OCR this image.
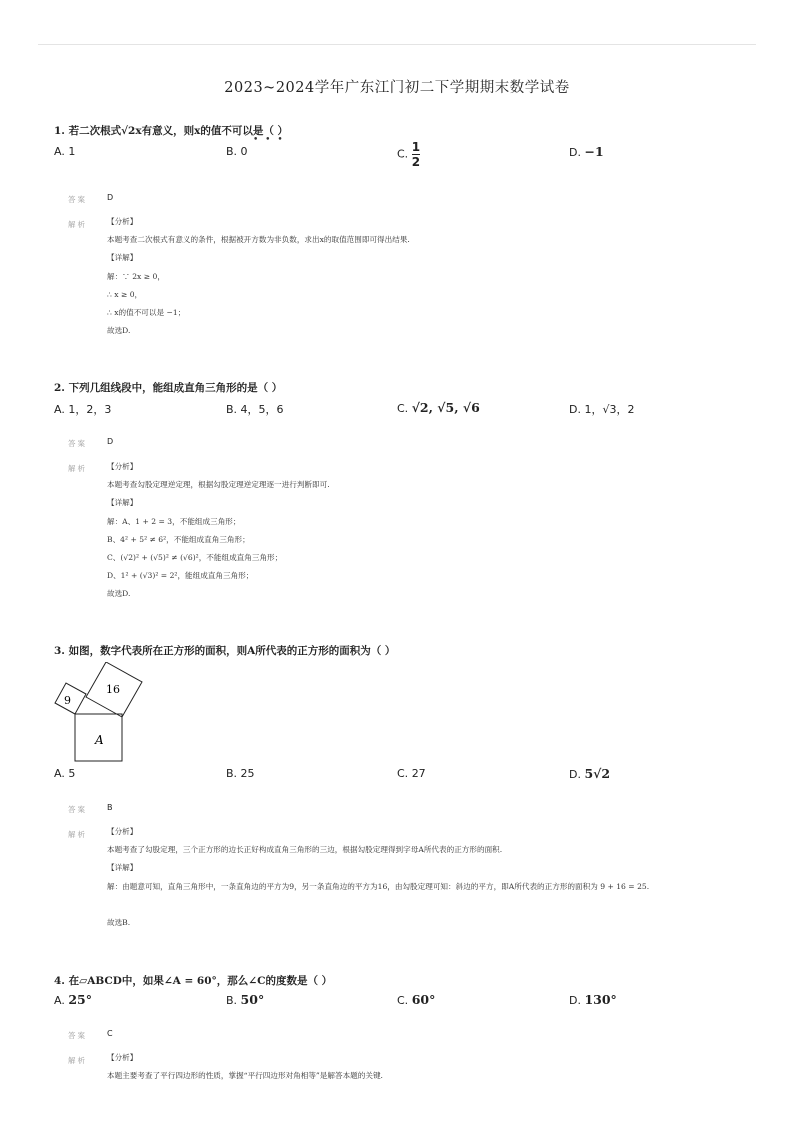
2023~2024学年广东江门初二下学期期末数学试卷
1. 若二次根式√2x有意义，则x的值不可以是（ ）
• • •
A. 1	B. 0	C. $\frac{1}{2}$	D. −1
答案	D
解析	【分析】
本题考查二次根式有意义的条件，根据被开方数为非负数，求出x的取值范围即可得出结果.
【详解】
解：∵ 2x ≥ 0，
∴ x ≥ 0，
∴ x的值不可以是 −1；
故选D.
2. 下列几组线段中，能组成直角三角形的是（ ）
A. 1，2，3	B. 4，5，6	C. √2, √5, √6	D. 1，√3，2
答案	D
解析	【分析】
本题考查勾股定理逆定理，根据勾股定理逆定理逐一进行判断即可.
【详解】
解：A、1 + 2 = 3，不能组成三角形；
B、4² + 5² ≠ 6²，不能组成直角三角形；
C、(√2)² + (√5)² ≠ (√6)²，不能组成直角三角形；
D、1² + (√3)² = 2²，能组成直角三角形；
故选D.
3. 如图，数字代表所在正方形的面积，则A所代表的正方形的面积为（ ）
9
16
A
A. 5	B. 25	C. 27	D. 5√2
答案	B
解析	【分析】
本题考查了勾股定理，三个正方形的边长正好构成直角三角形的三边，根据勾股定理得到字母A所代表的正方形的面积.
【详解】
解：由题意可知，直角三角形中，一条直角边的平方为9，另一条直角边的平方为16，由勾股定理可知：斜边的平方，即A所代表的正方形的面积为 9 + 16 = 25.
故选B.
4. 在▱ABCD中，如果∠A = 60°，那么∠C的度数是（ ）
A. 25°	B. 50°	C. 60°	D. 130°
答案	C
解析	【分析】
本题主要考查了平行四边形的性质，掌握“平行四边形对角相等”是解答本题的关键.
